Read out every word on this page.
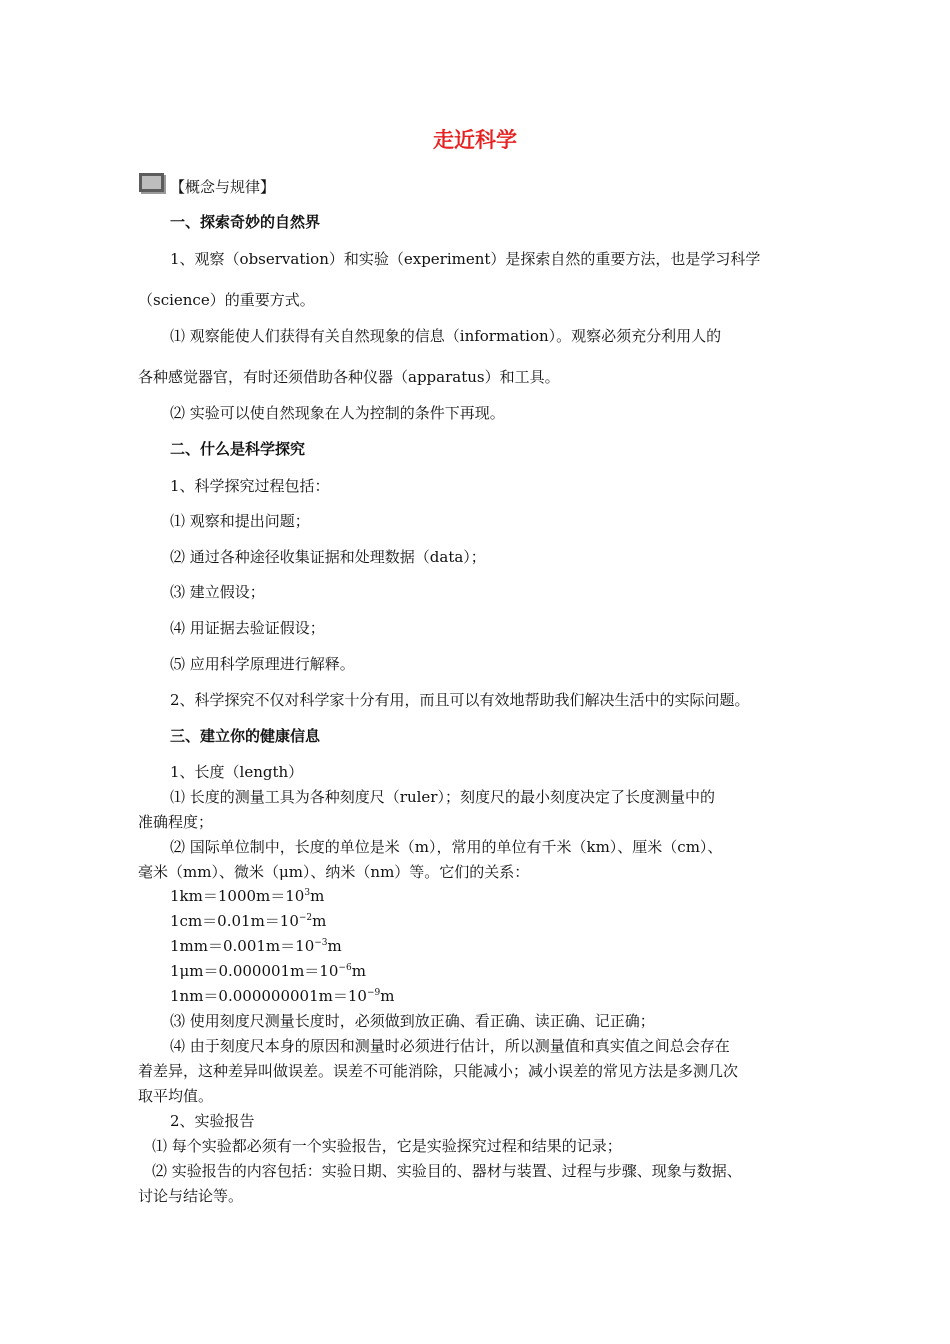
走近科学
【概念与规律】
一、探索奇妙的自然界
1、观察（observation）和实验（experiment）是探索自然的重要方法，也是学习科学
（science）的重要方式。
⑴ 观察能使人们获得有关自然现象的信息（information）。观察必须充分利用人的
各种感觉器官，有时还须借助各种仪器（apparatus）和工具。
⑵ 实验可以使自然现象在人为控制的条件下再现。
二、什么是科学探究
1、科学探究过程包括：
⑴ 观察和提出问题；
⑵ 通过各种途径收集证据和处理数据（data）；
⑶ 建立假设；
⑷ 用证据去验证假设；
⑸ 应用科学原理进行解释。
2、科学探究不仅对科学家十分有用，而且可以有效地帮助我们解决生活中的实际问题。
三、建立你的健康信息
1、长度（length）
⑴ 长度的测量工具为各种刻度尺（ruler）；刻度尺的最小刻度决定了长度测量中的
准确程度；
⑵ 国际单位制中，长度的单位是米（m），常用的单位有千米（km）、厘米（cm）、
毫米（mm）、微米（μm）、纳米（nm）等。它们的关系：
$1km=1000m=10^3m$
$1cm=0.01m=10^{-2}m$
$1mm=0.001m=10^{-3}m$
$1\mu m=0.000001m=10^{-6}m$
$1nm=0.000000001m=10^{-9}m$
⑶ 使用刻度尺测量长度时，必须做到放正确、看正确、读正确、记正确；
⑷ 由于刻度尺本身的原因和测量时必须进行估计，所以测量值和真实值之间总会存在
着差异，这种差异叫做误差。误差不可能消除，只能减小；减小误差的常见方法是多测几次
取平均值。
2、实验报告
⑴ 每个实验都必须有一个实验报告，它是实验探究过程和结果的记录；
⑵ 实验报告的内容包括：实验日期、实验目的、器材与装置、过程与步骤、现象与数据、
讨论与结论等。
